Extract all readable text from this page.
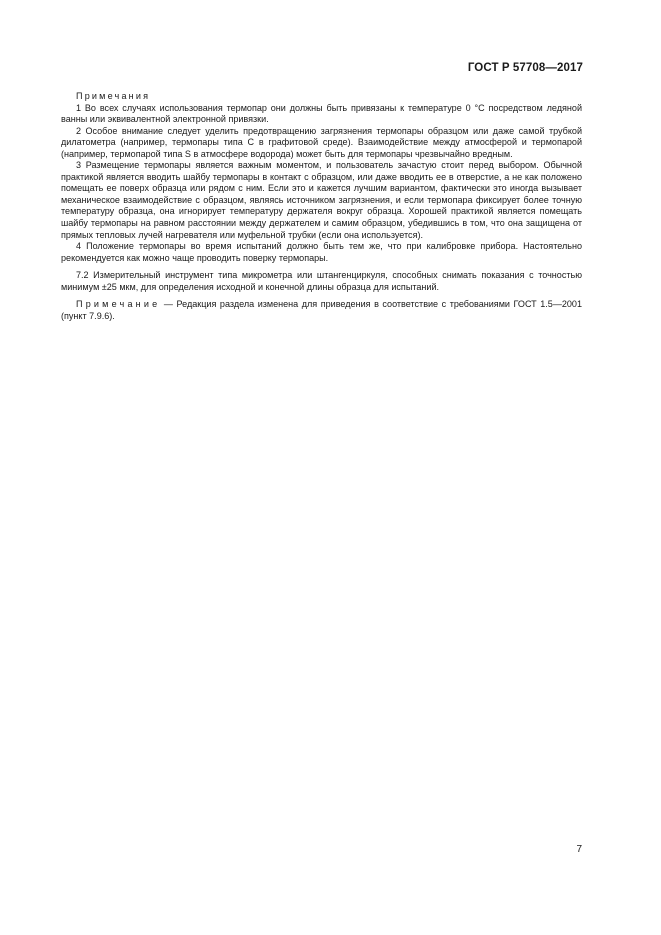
ГОСТ Р 57708—2017

Примечания

1 Во всех случаях использования термопар они должны быть привязаны к температуре 0 °С посредством ледяной ванны или эквивалентной электронной привязки.

2 Особое внимание следует уделить предотвращению загрязнения термопары образцом или даже самой трубкой дилатометра (например, термопары типа С в графитовой среде). Взаимодействие между атмосферой и термопарой (например, термопарой типа S в атмосфере водорода) может быть для термопары чрезвычайно вредным.

3 Размещение термопары является важным моментом, и пользователь зачастую стоит перед выбором. Обычной практикой является вводить шайбу термопары в контакт с образцом, или даже вводить ее в отверстие, а не как положено помещать ее поверх образца или рядом с ним. Если это и кажется лучшим вариантом, фактически это иногда вызывает механическое взаимодействие с образцом, являясь источником загрязнения, и если термопара фиксирует более точную температуру образца, она игнорирует температуру держателя вокруг образца. Хорошей практикой является помещать шайбу термопары на равном расстоянии между держателем и самим образцом, убедившись в том, что она защищена от прямых тепловых лучей нагревателя или муфельной трубки (если она используется).

4 Положение термопары во время испытаний должно быть тем же, что при калибровке прибора. Настоятельно рекомендуется как можно чаще проводить поверку термопары.

7.2 Измерительный инструмент типа микрометра или штангенциркуля, способных снимать показания с точностью минимум ±25 мкм, для определения исходной и конечной длины образца для испытаний.

Примечание — Редакция раздела изменена для приведения в соответствие с требованиями ГОСТ 1.5—2001 (пункт 7.9.6).

7
